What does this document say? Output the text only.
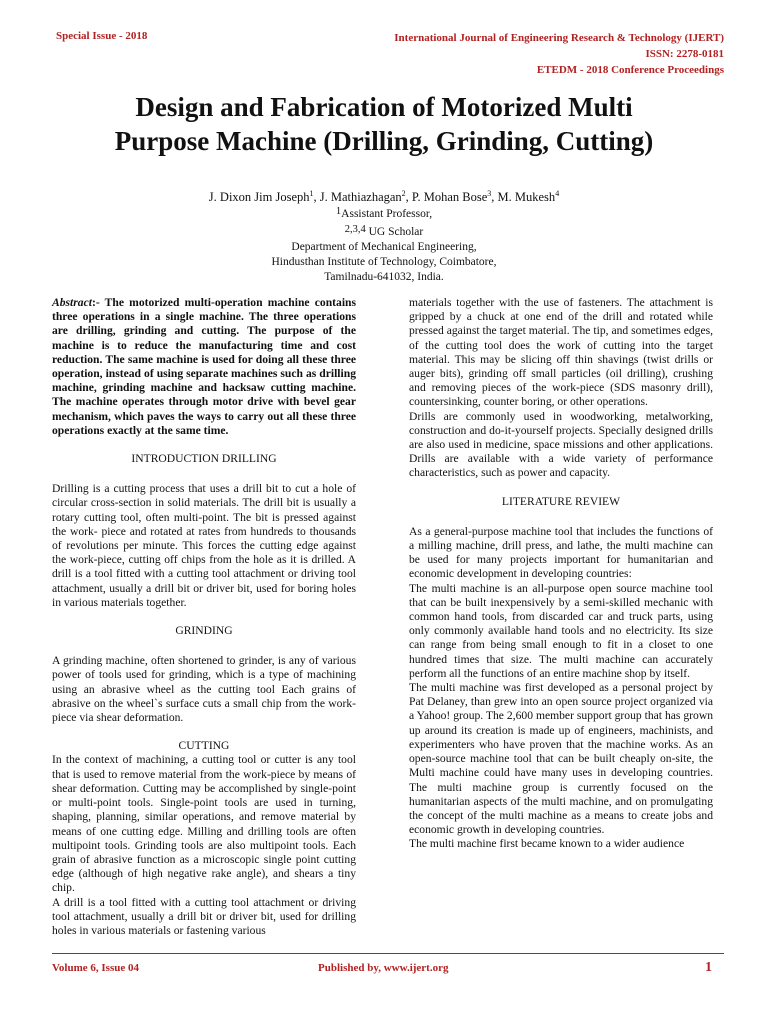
Special Issue - 2018	International Journal of Engineering Research & Technology (IJERT)
ISSN: 2278-0181
ETEDM - 2018 Conference Proceedings
Design and Fabrication of Motorized Multi
Purpose Machine (Drilling, Grinding, Cutting)
J. Dixon Jim Joseph$^1$, J. Mathiazhagan$^2$, P. Mohan Bose$^3$, M. Mukesh$^4$
1Assistant Professor,
2,3,4 UG Scholar
Department of Mechanical Engineering,
Hindusthan Institute of Technology, Coimbatore,
Tamilnadu-641032, India.

Abstract:- The motorized multi-operation machine contains three operations in a single machine. The three operations are drilling, grinding and cutting. The purpose of the machine is to reduce the manufacturing time and cost reduction. The same machine is used for doing all these three operation, instead of using separate machines such as drilling machine, grinding machine and hacksaw cutting machine. The machine operates through motor drive with bevel gear mechanism, which paves the ways to carry out all these three operations exactly at the same time.

INTRODUCTION DRILLING

Drilling is a cutting process that uses a drill bit to cut a hole of circular cross-section in solid materials. The drill bit is usually a rotary cutting tool, often multi-point. The bit is pressed against the work- piece and rotated at rates from hundreds to thousands of revolutions per minute. This forces the cutting edge against the work-piece, cutting off chips from the hole as it is drilled. A drill is a tool fitted with a cutting tool attachment or driving tool attachment, usually a drill bit or driver bit, used for boring holes in various materials together.

GRINDING

A grinding machine, often shortened to grinder, is any of various power of tools used for grinding, which is a type of machining using an abrasive wheel as the cutting tool Each grains of abrasive on the wheel`s surface cuts a small chip from the work- piece via shear deformation.

CUTTING

In the context of machining, a cutting tool or cutter is any tool that is used to remove material from the work-piece by means of shear deformation. Cutting may be accomplished by single-point or multi-point tools. Single-point tools are used in turning, shaping, planning, similar operations, and remove material by means of one cutting edge. Milling and drilling tools are often multipoint tools. Grinding tools are also multipoint tools. Each grain of abrasive function as a microscopic single point cutting edge (although of high negative rake angle), and shears a tiny chip.

A drill is a tool fitted with a cutting tool attachment or driving tool attachment, usually a drill bit or driver bit, used for drilling holes in various materials or fastening various

materials together with the use of fasteners. The attachment is gripped by a chuck at one end of the drill and rotated while pressed against the target material. The tip, and sometimes edges, of the cutting tool does the work of cutting into the target material. This may be slicing off thin shavings (twist drills or auger bits), grinding off small particles (oil drilling), crushing and removing pieces of the work-piece (SDS masonry drill), countersinking, counter boring, or other operations.

Drills are commonly used in woodworking, metalworking, construction and do-it-yourself projects. Specially designed drills are also used in medicine, space missions and other applications. Drills are available with a wide variety of performance characteristics, such as power and capacity.

LITERATURE REVIEW

As a general-purpose machine tool that includes the functions of a milling machine, drill press, and lathe, the multi machine can be used for many projects important for humanitarian and economic development in developing countries:

The multi machine is an all-purpose open source machine tool that can be built inexpensively by a semi-skilled mechanic with common hand tools, from discarded car and truck parts, using only commonly available hand tools and no electricity. Its size can range from being small enough to fit in a closet to one hundred times that size. The multi machine can accurately perform all the functions of an entire machine shop by itself.

The multi machine was first developed as a personal project by Pat Delaney, than grew into an open source project organized via a Yahoo! group. The 2,600 member support group that has grown up around its creation is made up of engineers, machinists, and experimenters who have proven that the machine works. As an open-source machine tool that can be built cheaply on-site, the Multi machine could have many uses in developing countries. The multi machine group is currently focused on the humanitarian aspects of the multi machine, and on promulgating the concept of the multi machine as a means to create jobs and economic growth in developing countries.

The multi machine first became known to a wider audience

Volume 6, Issue 04	Published by, www.ijert.org	1
